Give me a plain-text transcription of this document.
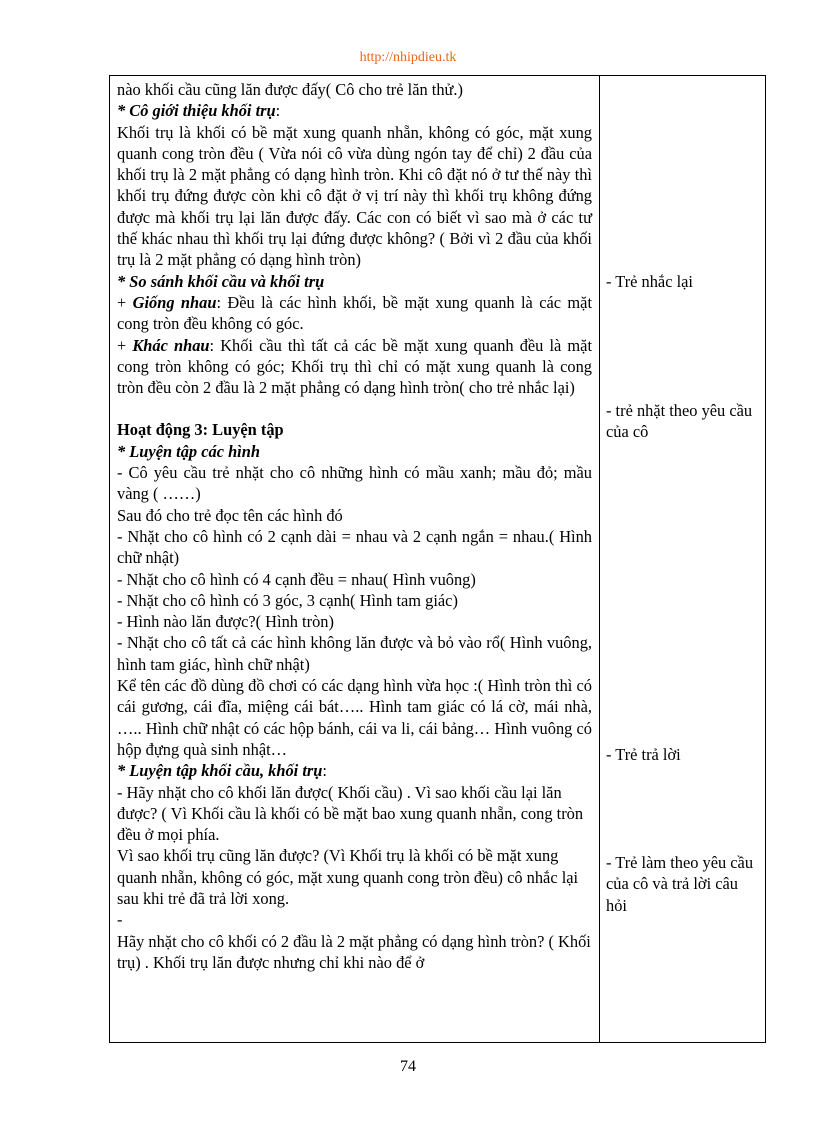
http://nhipdieu.tk

nào khối cầu cũng lăn được đấy( Cô cho trẻ lăn thử.)

* Cô giới thiệu khối trụ:

Khối trụ là khối có bề mặt xung quanh nhẵn, không có góc, mặt xung quanh cong tròn đều ( Vừa nói cô vừa dùng ngón tay để chỉ) 2 đầu của khối trụ là 2 mặt phẳng có dạng hình tròn. Khi cô đặt nó ở tư thế này thì khối trụ đứng được còn khi cô đặt ở vị trí này thì khối trụ không đứng được mà khối trụ lại lăn được đấy. Các con có biết vì sao mà ở các tư thế khác nhau thì khối trụ lại đứng được không? ( Bởi vì 2 đầu của khối trụ là 2 mặt phẳng có dạng hình tròn)

* So sánh khối cầu và khối trụ

+ Giống nhau: Đều là các hình khối, bề mặt xung quanh là các mặt cong tròn đều không có góc.

+ Khác nhau: Khối cầu thì tất cả các bề mặt xung quanh đều là mặt cong tròn không có góc; Khối trụ thì chỉ có mặt xung quanh là cong tròn đều còn 2 đầu là 2 mặt phẳng có dạng hình tròn( cho trẻ nhắc lại)

Hoạt động 3: Luyện tập

* Luyện tập các hình

- Cô yêu cầu trẻ nhặt cho cô những hình có mầu xanh; mầu đỏ; mầu vàng ( ……)

Sau đó cho trẻ đọc tên các hình đó

- Nhặt cho cô hình có 2 cạnh dài = nhau và 2 cạnh ngắn = nhau.( Hình chữ nhật)

- Nhặt cho cô hình có 4 cạnh đều = nhau( Hình vuông)

- Nhặt cho cô hình có 3 góc, 3 cạnh( Hình tam giác)

- Hình nào lăn được?( Hình tròn)

- Nhặt cho cô tất cả các hình không lăn được và bỏ vào rổ( Hình vuông, hình tam giác, hình chữ nhật)

Kể tên các đồ dùng đồ chơi có các dạng hình vừa học :( Hình tròn thì có cái gương, cái đĩa, miệng cái bát….. Hình tam giác có lá cờ, mái nhà, ….. Hình chữ nhật có các hộp bánh, cái va li, cái bảng… Hình vuông có hộp đựng quà sinh nhật…

* Luyện tập khối cầu, khối trụ:

- Hãy nhặt cho cô khối lăn được( Khối cầu) . Vì sao khối cầu lại lăn được? ( Vì Khối cầu là khối có bề mặt bao xung quanh nhẵn, cong tròn đều ở mọi phía.

Vì sao khối trụ cũng lăn được? (Vì Khối trụ là khối có bề mặt xung quanh nhẵn, không có góc, mặt xung quanh cong tròn đều) cô nhắc lại sau khi trẻ đã trả lời xong.

-

Hãy nhặt cho cô khối có 2 đầu là 2 mặt phẳng có dạng hình tròn? ( Khối trụ) . Khối trụ lăn được nhưng chỉ khi nào để ở

- Trẻ nhắc lại
- trẻ nhặt theo yêu cầu của cô
- Trẻ trả lời
- Trẻ làm theo yêu cầu của cô và trả lời câu hỏi
74
